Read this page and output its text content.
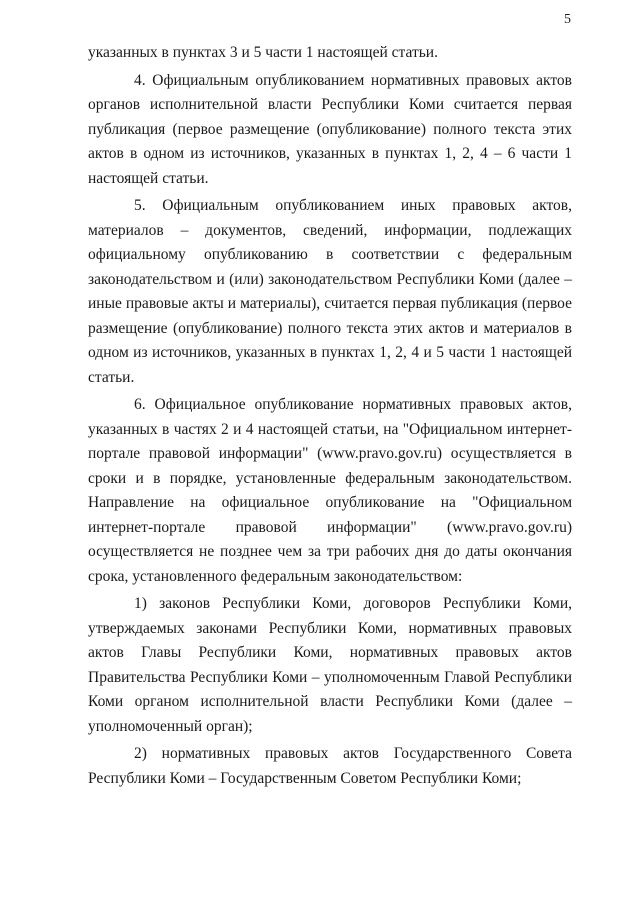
5

указанных в пунктах 3 и 5 части 1 настоящей статьи.

4. Официальным опубликованием нормативных правовых актов органов исполнительной власти Республики Коми считается первая публикация (первое размещение (опубликование) полного текста этих актов в одном из источников, указанных в пунктах 1, 2, 4 – 6 части 1 настоящей статьи.

5. Официальным опубликованием иных правовых актов, материалов – документов, сведений, информации, подлежащих официальному опубликованию в соответствии с федеральным законодательством и (или) законодательством Республики Коми (далее – иные правовые акты и материалы), считается первая публикация (первое размещение (опубликование) полного текста этих актов и материалов в одном из источников, указанных в пунктах 1, 2, 4 и 5 части 1 настоящей статьи.

6. Официальное опубликование нормативных правовых актов, указанных в частях 2 и 4 настоящей статьи, на "Официальном интернет-портале правовой информации" (www.pravo.gov.ru) осуществляется в сроки и в порядке, установленные федеральным законодательством. Направление на официальное опубликование на "Официальном интернет-портале правовой информации" (www.pravo.gov.ru) осуществляется не позднее чем за три рабочих дня до даты окончания срока, установленного федеральным законодательством:

1) законов Республики Коми, договоров Республики Коми, утверждаемых законами Республики Коми, нормативных правовых актов Главы Республики Коми, нормативных правовых актов Правительства Республики Коми – уполномоченным Главой Республики Коми органом исполнительной власти Республики Коми (далее – уполномоченный орган);

2) нормативных правовых актов Государственного Совета Республики Коми – Государственным Советом Республики Коми;
